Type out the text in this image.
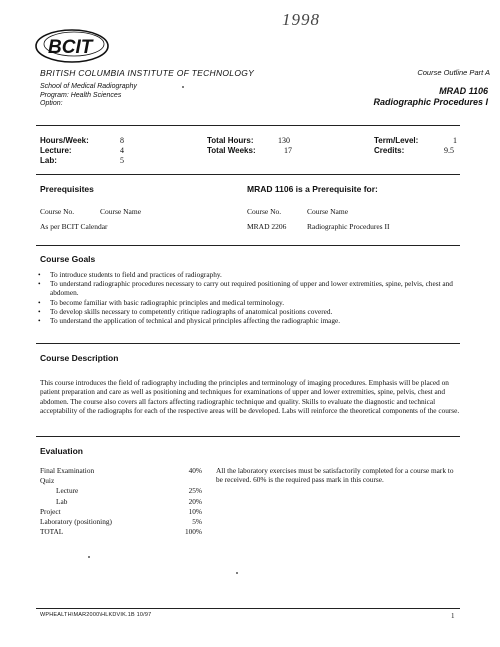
1998
BCIT
BRITISH COLUMBIA INSTITUTE OF TECHNOLOGY	Course Outline Part A
School of Medical Radiography
Program: Health Sciences
Option:
MRAD 1106
Radiographic Procedures I
Hours/Week:	8
Lecture:	4
Lab:	5
Total Hours:	130
Total Weeks:	17
Term/Level:	1
Credits:	9.5
Prerequisites	MRAD 1106 is a Prerequisite for:
Course No.	Course Name
As per BCIT Calendar
Course No.	Course Name
MRAD 2206	Radiographic Procedures II
Course Goals
• To introduce students to field and practices of radiography.
• To understand radiographic procedures necessary to carry out required positioning of upper and lower extremities, spine, pelvis, chest and abdomen.
• To become familiar with basic radiographic principles and medical terminology.
• To develop skills necessary to competently critique radiographs of anatomical positions covered.
• To understand the application of technical and physical principles affecting the radiographic image.
Course Description
This course introduces the field of radiography including the principles and terminology of imaging procedures. Emphasis will be placed on patient preparation and care as well as positioning and techniques for examinations of upper and lower extremities, spine, pelvis, chest and abdomen. The course also covers all factors affecting radiographic technique and quality. Skills to evaluate the diagnostic and technical acceptability of the radiographs for each of the respective areas will be developed. Labs will reinforce the theoretical components of the course.
Evaluation
Final Examination	40%
Quiz
Lecture	25%
Lab	20%
Project	10%
Laboratory (positioning)	5%
TOTAL	100%
All the laboratory exercises must be satisfactorily completed for a course mark to be received. 60% is the required pass mark in this course.
WPHEALTH\MAR2000\HLKDVIK.1B 10/97	1
